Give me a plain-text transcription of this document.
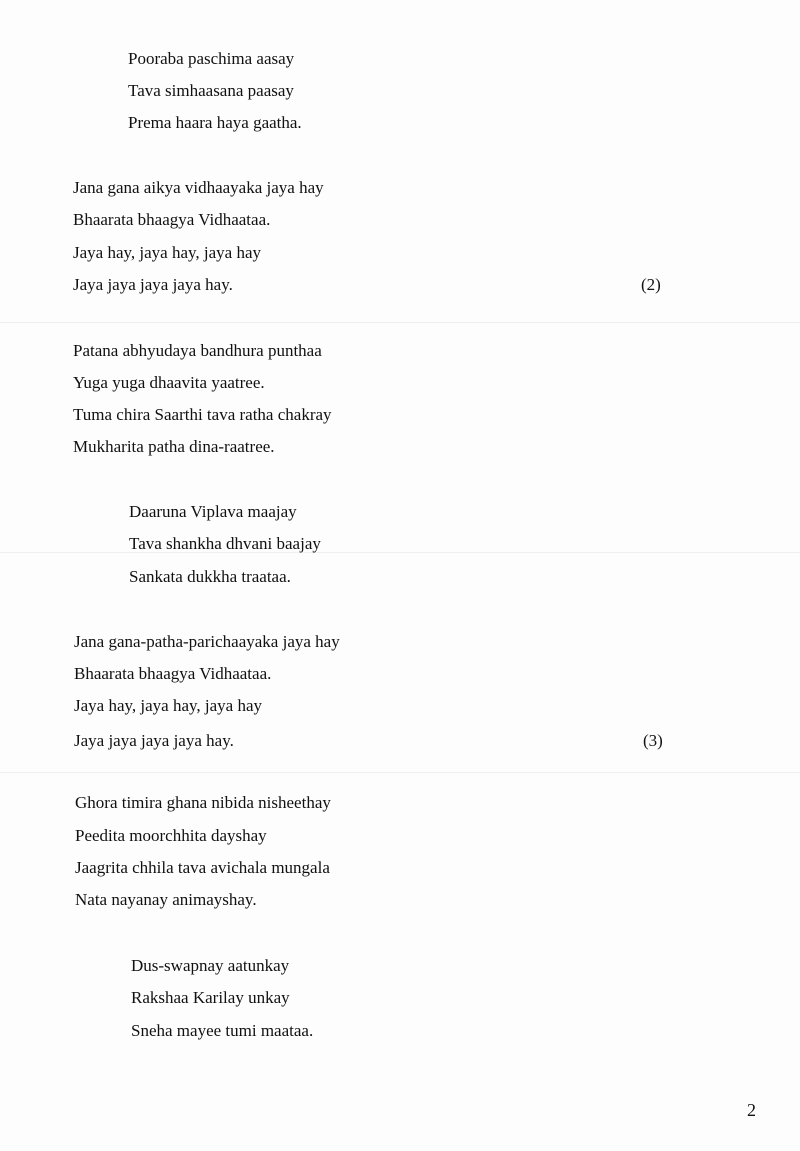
Pooraba paschima aasay
Tava simhaasana paasay
Prema haara haya gaatha.
Jana gana aikya vidhaayaka jaya hay
Bhaarata bhaagya Vidhaataa.
Jaya hay, jaya hay, jaya hay
Jaya jaya jaya jaya hay.	(2)
Patana abhyudaya bandhura punthaa
Yuga yuga dhaavita yaatree.
Tuma chira Saarthi tava ratha chakray
Mukharita patha dina-raatree.
Daaruna Viplava maajay
Tava shankha dhvani baajay
Sankata dukkha traataa.
Jana gana-patha-parichaayaka jaya hay
Bhaarata bhaagya Vidhaataa.
Jaya hay, jaya hay, jaya hay
Jaya jaya jaya jaya hay.	(3)
Ghora timira ghana nibida nisheethay
Peedita moorchhita dayshay
Jaagrita chhila tava avichala mungala
Nata nayanay animayshay.
Dus-swapnay aatunkay
Rakshaa Karilay unkay
Sneha mayee tumi maataa.
2
